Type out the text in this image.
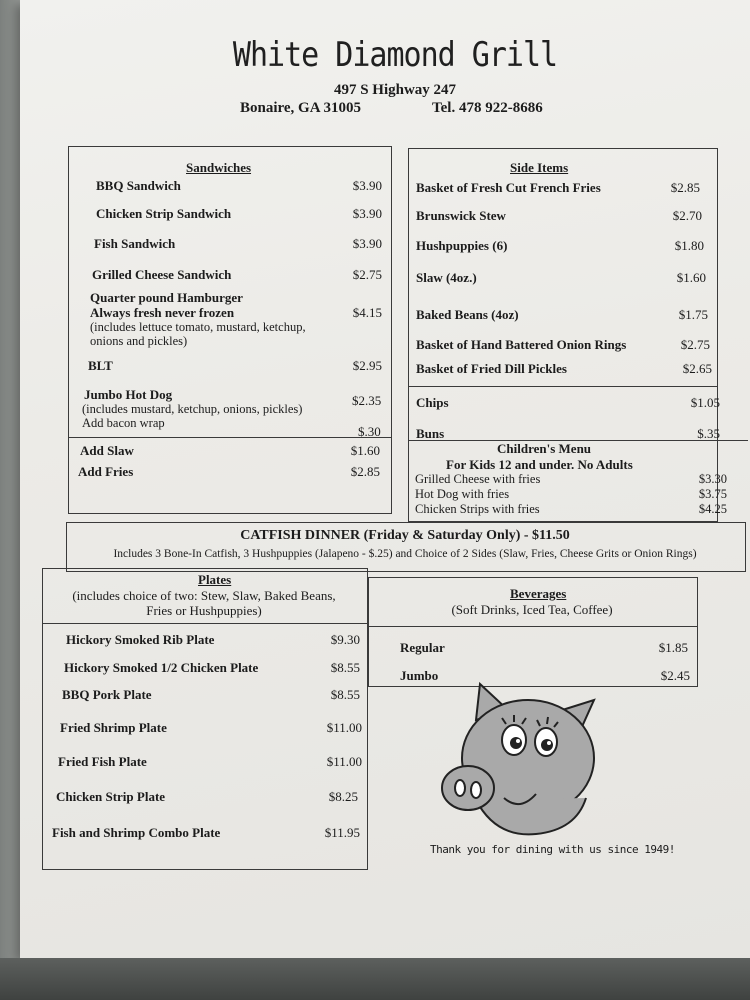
White Diamond Grill
497 S Highway 247
Bonaire, GA 31005	Tel. 478 922-8686
Sandwiches
BBQ Sandwich	$3.90
Chicken Strip Sandwich	$3.90
Fish Sandwich	$3.90
Grilled Cheese Sandwich	$2.75
Quarter pound Hamburger
Always fresh never frozen	$4.15
(includes lettuce tomato, mustard, ketchup,
onions and pickles)
BLT	$2.95
Jumbo Hot Dog
(includes mustard, ketchup, onions, pickles)
$2.35
Add bacon wrap
$.30
Add Slaw	$1.60
Add Fries	$2.85
Side Items
Basket of Fresh Cut French Fries	$2.85
Brunswick Stew	$2.70
Hushpuppies (6)	$1.80
Slaw (4oz.)	$1.60
Baked Beans (4oz)	$1.75
Basket of Hand Battered Onion Rings	$2.75
Basket of Fried Dill Pickles	$2.65
Chips	$1.05
Buns	$.35
Children's Menu
For Kids 12 and under. No Adults
Grilled Cheese with fries	$3.30
Hot Dog with fries	$3.75
Chicken Strips with fries	$4.25
CATFISH DINNER (Friday & Saturday Only) - $11.50
Includes 3 Bone-In Catfish, 3 Hushpuppies (Jalapeno - $.25) and Choice of 2 Sides (Slaw, Fries, Cheese Grits or Onion Rings)
Plates
(includes choice of two: Stew, Slaw, Baked Beans,
Fries or Hushpuppies)
Hickory Smoked Rib Plate	$9.30
Hickory Smoked 1/2 Chicken Plate	$8.55
BBQ Pork Plate	$8.55
Fried Shrimp Plate	$11.00
Fried Fish Plate	$11.00
Chicken Strip Plate	$8.25
Fish and Shrimp Combo Plate	$11.95
Beverages
(Soft Drinks, Iced Tea, Coffee)
Regular	$1.85
Jumbo	$2.45
Thank you for dining with us since 1949!
